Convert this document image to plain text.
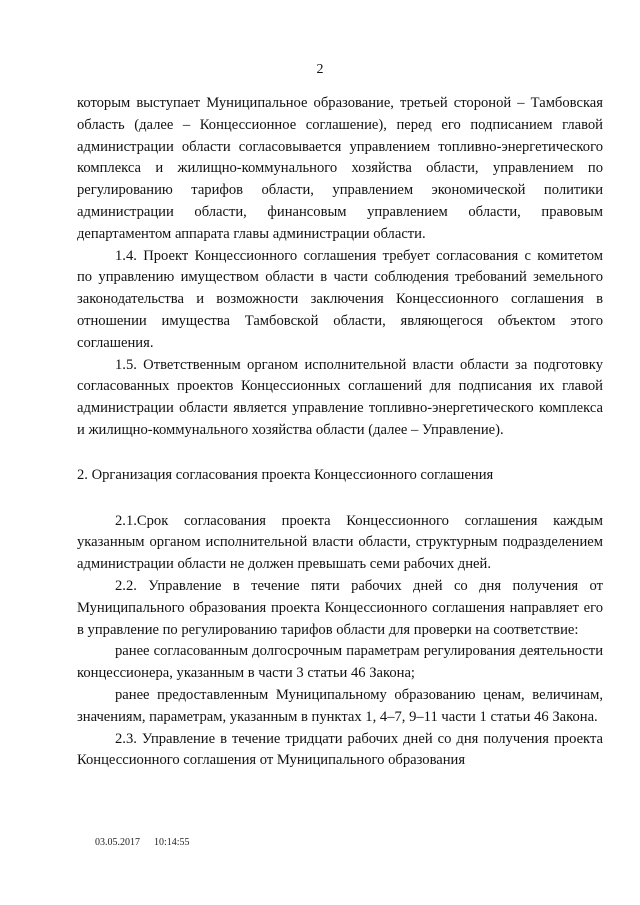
2

которым выступает Муниципальное образование, третьей стороной – Тамбовская область (далее – Концессионное соглашение), перед его подписанием главой администрации области согласовывается управлением топливно-энергетического комплекса и жилищно-коммунального хозяйства области, управлением по регулированию тарифов области, управлением экономической политики администрации области, финансовым управлением области, правовым департаментом аппарата главы администрации области.

1.4. Проект Концессионного соглашения требует согласования с комитетом по управлению имуществом области в части соблюдения требований земельного законодательства и возможности заключения Концессионного соглашения в отношении имущества Тамбовской области, являющегося объектом этого соглашения.

1.5. Ответственным органом исполнительной власти области за подготовку согласованных проектов Концессионных соглашений для подписания их главой администрации области является управление топливно-энергетического комплекса и жилищно-коммунального хозяйства области (далее – Управление).

2. Организация согласования проекта Концессионного соглашения

2.1.Срок согласования проекта Концессионного соглашения каждым указанным органом исполнительной власти области, структурным подразделением администрации области не должен превышать семи рабочих дней.

2.2. Управление в течение пяти рабочих дней со дня получения от Муниципального образования проекта Концессионного соглашения направляет его в управление по регулированию тарифов области для проверки на соответствие:

ранее согласованным долгосрочным параметрам регулирования деятельности концессионера, указанным в части 3 статьи 46 Закона;

ранее предоставленным Муниципальному образованию ценам, величинам, значениям, параметрам, указанным в пунктах 1, 4–7, 9–11 части 1 статьи 46 Закона.

2.3. Управление в течение тридцати рабочих дней со дня получения проекта Концессионного соглашения от Муниципального образования

03.05.2017 10:14:55
